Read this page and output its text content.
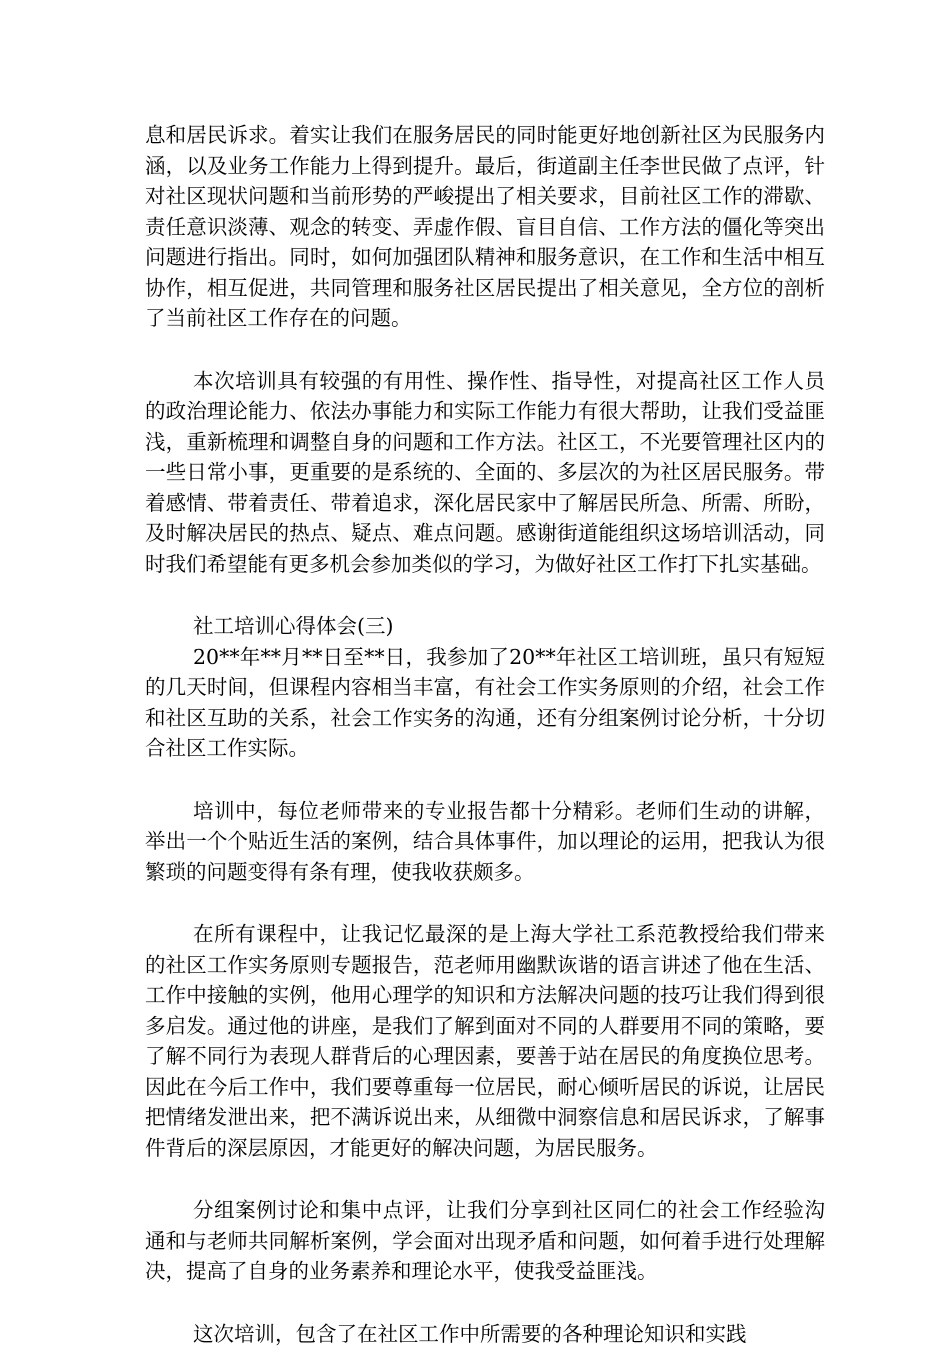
息和居民诉求。着实让我们在服务居民的同时能更好地创新社区为民服务内涵，以及业务工作能力上得到提升。最后，街道副主任李世民做了点评，针对社区现状问题和当前形势的严峻提出了相关要求，目前社区工作的滞歇、责任意识淡薄、观念的转变、弄虚作假、盲目自信、工作方法的僵化等突出问题进行指出。同时，如何加强团队精神和服务意识，在工作和生活中相互协作，相互促进，共同管理和服务社区居民提出了相关意见，全方位的剖析了当前社区工作存在的问题。

本次培训具有较强的有用性、操作性、指导性，对提高社区工作人员的政治理论能力、依法办事能力和实际工作能力有很大帮助，让我们受益匪浅，重新梳理和调整自身的问题和工作方法。社区工，不光要管理社区内的一些日常小事，更重要的是系统的、全面的、多层次的为社区居民服务。带着感情、带着责任、带着追求，深化居民家中了解居民所急、所需、所盼，及时解决居民的热点、疑点、难点问题。感谢街道能组织这场培训活动，同时我们希望能有更多机会参加类似的学习，为做好社区工作打下扎实基础。

社工培训心得体会(三)

20**年**月**日至**日，我参加了20**年社区工培训班，虽只有短短的几天时间，但课程内容相当丰富，有社会工作实务原则的介绍，社会工作和社区互助的关系，社会工作实务的沟通，还有分组案例讨论分析，十分切合社区工作实际。

培训中，每位老师带来的专业报告都十分精彩。老师们生动的讲解，举出一个个贴近生活的案例，结合具体事件，加以理论的运用，把我认为很繁琐的问题变得有条有理，使我收获颇多。

在所有课程中，让我记忆最深的是上海大学社工系范教授给我们带来的社区工作实务原则专题报告，范老师用幽默诙谐的语言讲述了他在生活、工作中接触的实例，他用心理学的知识和方法解决问题的技巧让我们得到很多启发。通过他的讲座，是我们了解到面对不同的人群要用不同的策略，要了解不同行为表现人群背后的心理因素，要善于站在居民的角度换位思考。因此在今后工作中，我们要尊重每一位居民，耐心倾听居民的诉说，让居民把情绪发泄出来，把不满诉说出来，从细微中洞察信息和居民诉求，了解事件背后的深层原因，才能更好的解决问题，为居民服务。

分组案例讨论和集中点评，让我们分享到社区同仁的社会工作经验沟通和与老师共同解析案例，学会面对出现矛盾和问题，如何着手进行处理解决，提高了自身的业务素养和理论水平，使我受益匪浅。

这次培训，包含了在社区工作中所需要的各种理论知识和实践
